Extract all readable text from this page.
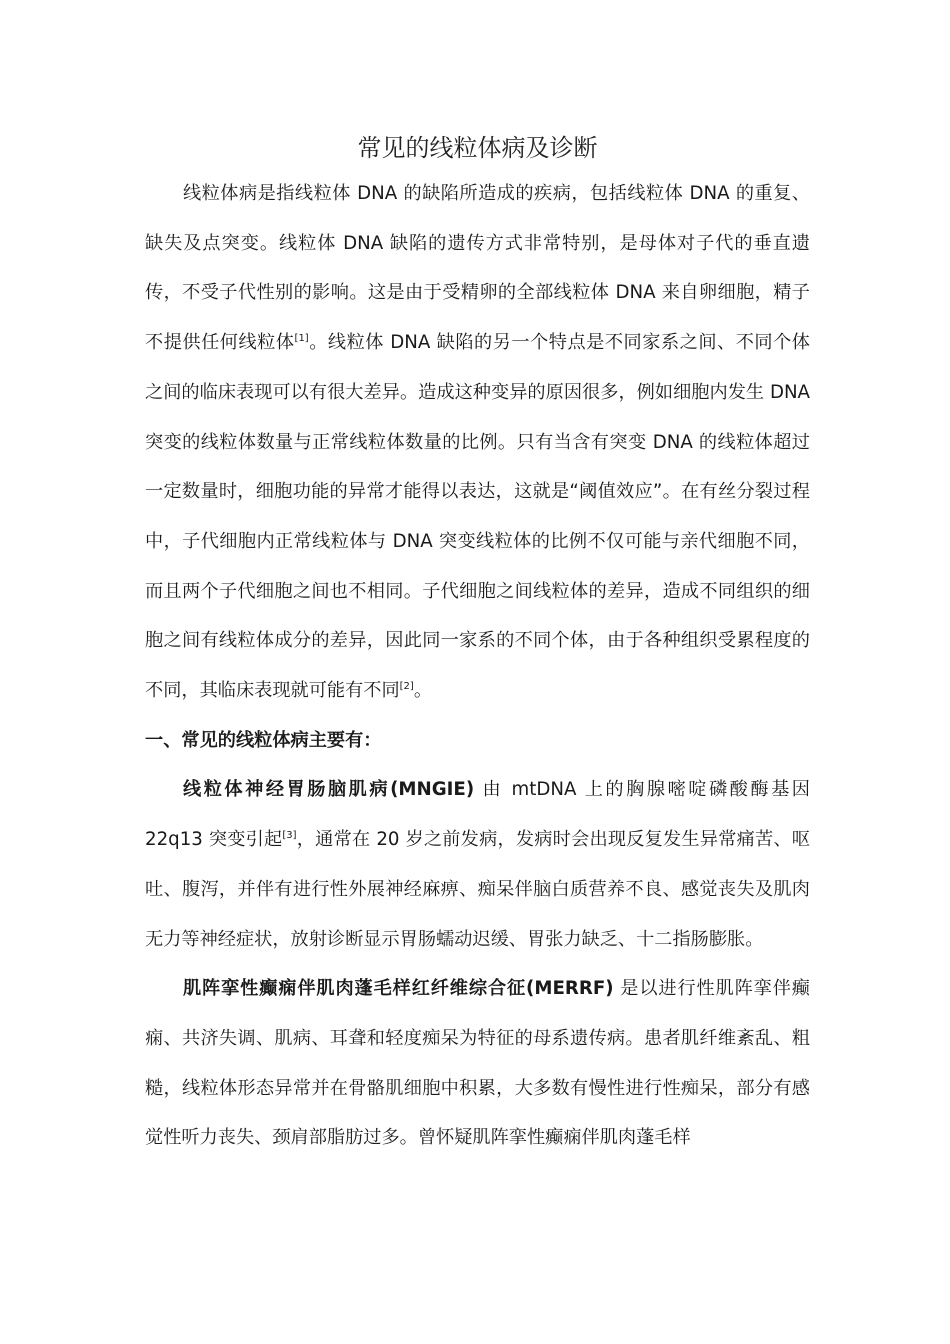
常见的线粒体病及诊断

线粒体病是指线粒体 DNA 的缺陷所造成的疾病，包括线粒体 DNA 的重复、缺失及点突变。线粒体 DNA 缺陷的遗传方式非常特别，是母体对子代的垂直遗传，不受子代性别的影响。这是由于受精卵的全部线粒体 DNA 来自卵细胞，精子不提供任何线粒体[1]。线粒体 DNA 缺陷的另一个特点是不同家系之间、不同个体之间的临床表现可以有很大差异。造成这种变异的原因很多，例如细胞内发生 DNA 突变的线粒体数量与正常线粒体数量的比例。只有当含有突变 DNA 的线粒体超过一定数量时，细胞功能的异常才能得以表达，这就是“阈值效应”。在有丝分裂过程中，子代细胞内正常线粒体与 DNA 突变线粒体的比例不仅可能与亲代细胞不同，而且两个子代细胞之间也不相同。子代细胞之间线粒体的差异，造成不同组织的细胞之间有线粒体成分的差异，因此同一家系的不同个体，由于各种组织受累程度的不同，其临床表现就可能有不同[2]。

一、常见的线粒体病主要有：

线粒体神经胃肠脑肌病(MNGIE) 由 mtDNA 上的胸腺嘧啶磷酸酶基因 22q13 突变引起[3]，通常在 20 岁之前发病，发病时会出现反复发生异常痛苦、呕吐、腹泻，并伴有进行性外展神经麻痹、痴呆伴脑白质营养不良、感觉丧失及肌肉无力等神经症状，放射诊断显示胃肠蠕动迟缓、胃张力缺乏、十二指肠膨胀。

肌阵挛性癫痫伴肌肉蓬毛样红纤维综合征(MERRF) 是以进行性肌阵挛伴癫痫、共济失调、肌病、耳聋和轻度痴呆为特征的母系遗传病。患者肌纤维紊乱、粗糙，线粒体形态异常并在骨骼肌细胞中积累，大多数有慢性进行性痴呆，部分有感觉性听力丧失、颈肩部脂肪过多。曾怀疑肌阵挛性癫痫伴肌肉蓬毛样
